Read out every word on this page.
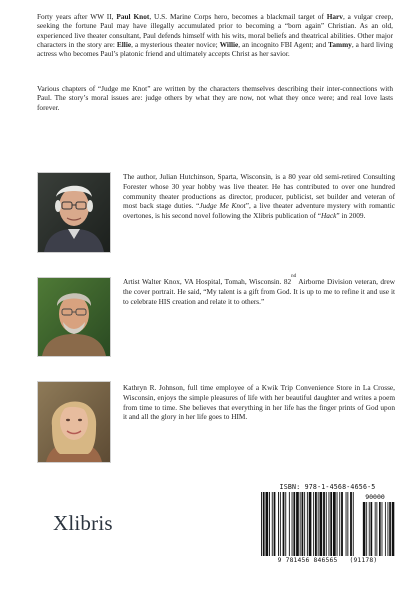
Forty years after WW II, Paul Knot, U.S. Marine Corps hero, becomes a blackmail target of Harv, a vulgar creep, seeking the fortune Paul may have illegally accumulated prior to becoming a “born again” Christian. As an old, experienced live theater consultant, Paul defends himself with his wits, moral beliefs and theatrical abilities. Other major characters in the story are: Ellie, a mysterious theater novice; Willie, an incognito FBI Agent; and Tammy, a hard living actress who becomes Paul’s platonic friend and ultimately accepts Christ as her savior.

Various chapters of “Judge me Knot” are written by the characters themselves describing their inter-connections with Paul. The story’s moral issues are: judge others by what they are now, not what they once were; and real love lasts forever.

The author, Julian Hutchinson, Sparta, Wisconsin, is a 80 year old semi-retired Consulting Forester whose 30 year hobby was live theater. He has contributed to over one hundred community theater productions as director, producer, publicist, set builder and veteran of most back stage duties. “Judge Me Knot”, a live theater adventure mystery with romantic overtones, is his second novel following the Xlibris publication of “Hack” in 2009.

Artist Walter Knox, VA Hospital, Tomah, Wisconsin. 82nd Airborne Division veteran, drew the cover portrait. He said, “My talent is a gift from God. It is up to me to refine it and use it to celebrate HIS creation and relate it to others.”

Kathryn R. Johnson, full time employee of a Kwik Trip Convenience Store in La Crosse, Wisconsin, enjoys the simple pleasures of life with her beautiful daughter and writes a poem from time to time. She believes that everything in her life has the finger prints of God upon it and all the glory in her life goes to HIM.

Xlibris
ISBN: 978-1-4568-4656-5
90000
9 781456 846565 (91178)
